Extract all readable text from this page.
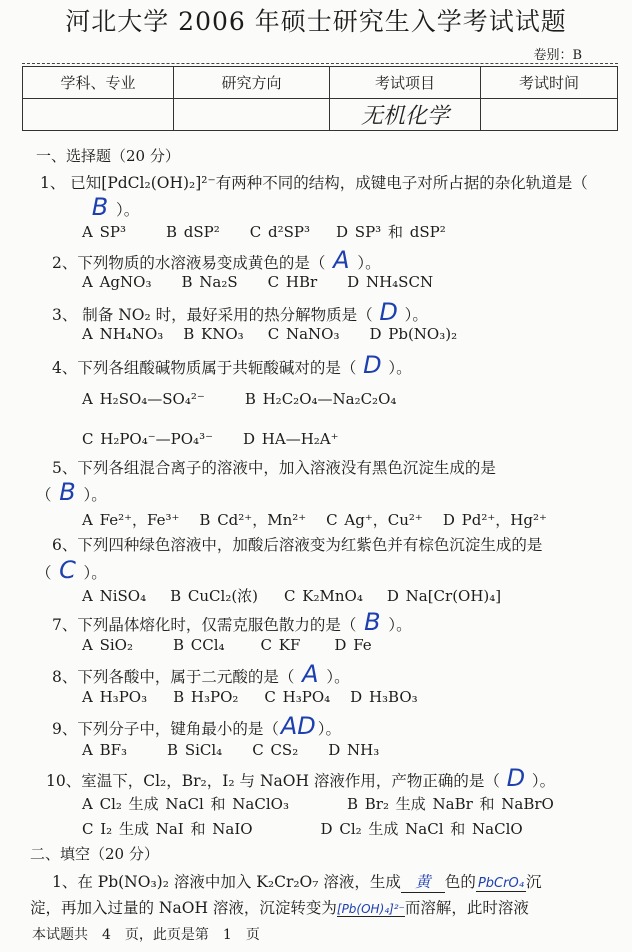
河北大学 2006 年硕士研究生入学考试试题
卷别：B
学科、专业	研究方向	考试项目	考试时间
		无机化学	
一、选择题（20 分）
1、 已知[PdCl₂(OH)₂]²⁻有两种不同的结构，成键电子对所占据的杂化轨道是（
B ）。
A SP³	B dSP² C d²SP³ D SP³ 和 dSP²
2、下列物质的水溶液易变成黄色的是（ A ）。
A AgNO₃ B Na₂S C HBr D NH₄SCN
3、 制备 NO₂ 时，最好采用的热分解物质是（ D ）。
A NH₄NO₃ B KNO₃ C NaNO₃ D Pb(NO₃)₂
4、下列各组酸碱物质属于共轭酸碱对的是（ D ）。
A H₂SO₄—SO₄²⁻	B H₂C₂O₄—Na₂C₂O₄
C H₂PO₄⁻—PO₄³⁻ D HA—H₂A⁺
5、下列各组混合离子的溶液中，加入溶液没有黑色沉淀生成的是
（ B ）。
A Fe²⁺，Fe³⁺ B Cd²⁺，Mn²⁺ C Ag⁺，Cu²⁺ D Pd²⁺，Hg²⁺
6、下列四种绿色溶液中，加酸后溶液变为红紫色并有棕色沉淀生成的是
（ C ）。
A NiSO₄ B CuCl₂(浓) C K₂MnO₄ D Na[Cr(OH)₄]
7、下列晶体熔化时，仅需克服色散力的是（ B ）。
A SiO₂	B CCl₄ C KF D Fe
8、下列各酸中，属于二元酸的是（ A ）。
A H₃PO₃ B H₃PO₂ C H₃PO₄ D H₃BO₃
9、下列分子中，键角最小的是（AD ）。
A BF₃	B SiCl₄ C CS₂ D NH₃
10、室温下，Cl₂，Br₂，I₂ 与 NaOH 溶液作用，产物正确的是（ D ）。
A Cl₂ 生成 NaCl 和 NaClO₃	B Br₂ 生成 NaBr 和 NaBrO
C I₂ 生成 NaI 和 NaIO	D Cl₂ 生成 NaCl 和 NaClO
二、填空（20 分）
1、在 Pb(NO₃)₂ 溶液中加入 K₂Cr₂O₇ 溶液，生成 黄 色的 PbCrO₄ 沉
淀，再加入过量的 NaOH 溶液，沉淀转变为[Pb(OH)₄]²⁻而溶解，此时溶液
本试题共　4　页，此页是第　1　页
